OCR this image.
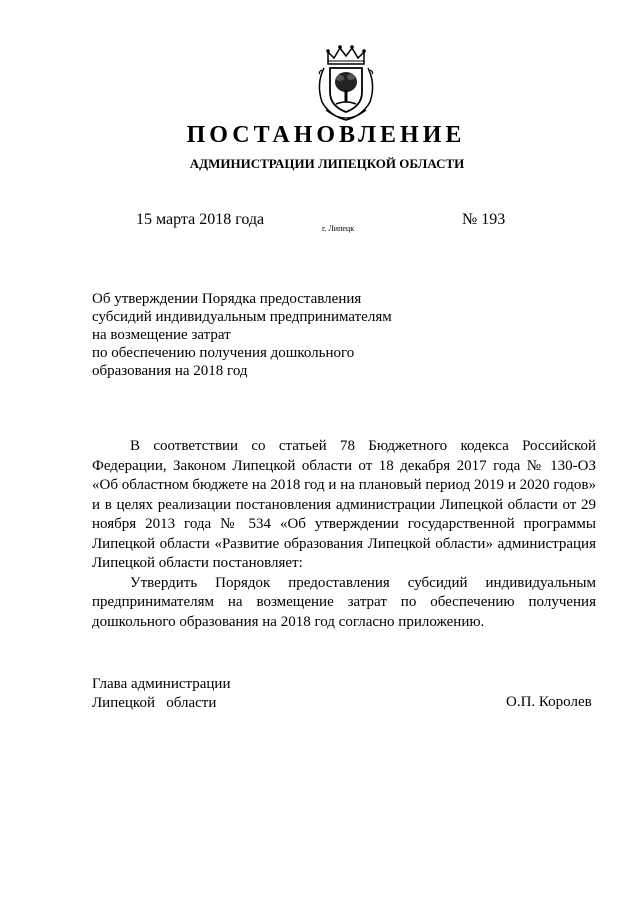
ПОСТАНОВЛЕНИЕ
АДМИНИСТРАЦИИ ЛИПЕЦКОЙ ОБЛАСТИ
15 марта 2018 года
г. Липецк
№ 193
Об утверждении Порядка предоставления
субсидий индивидуальным предпринимателям
на возмещение затрат
по обеспечению получения дошкольного
образования на 2018 год

В соответствии со статьей 78 Бюджетного кодекса Российской Федерации, Законом Липецкой области от 18 декабря 2017 года № 130-ОЗ «Об областном бюджете на 2018 год и на плановый период 2019 и 2020 годов» и в целях реализации постановления администрации Липецкой области от 29 ноября 2013 года № 534 «Об утверждении государственной программы Липецкой области «Развитие образования Липецкой области» администрация Липецкой области постановляет:

Утвердить Порядок предоставления субсидий индивидуальным предпринимателям на возмещение затрат по обеспечению получения дошкольного образования на 2018 год согласно приложению.

Глава администрации
Липецкой   области	О.П. Королев
